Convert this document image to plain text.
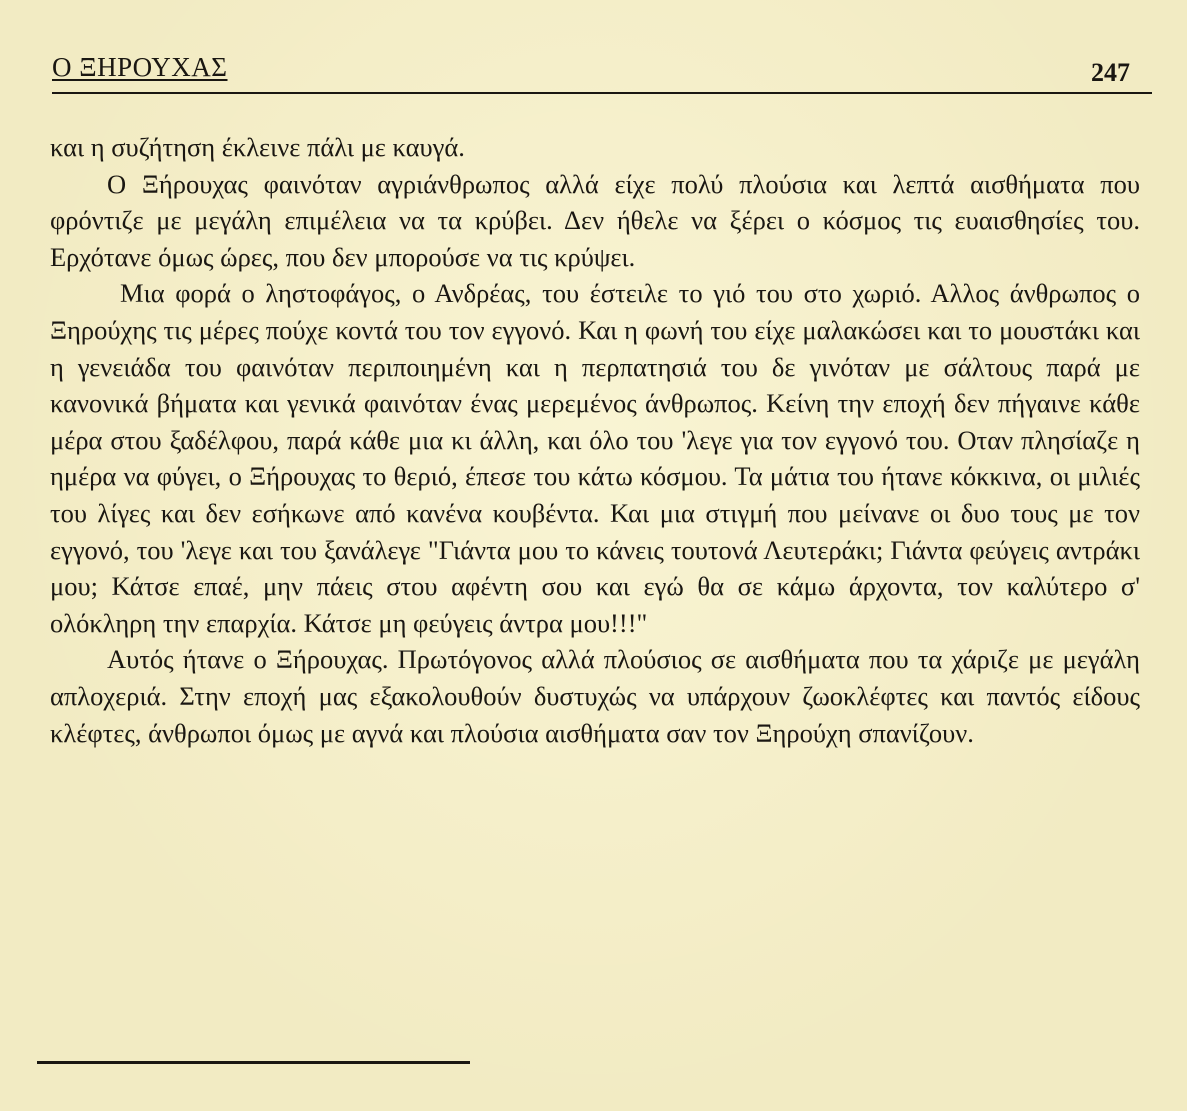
Ο ΞΗΡΟΥΧΑΣ	247

και η συζήτηση έκλεινε πάλι με καυγά.

Ο Ξήρουχας φαινόταν αγριάνθρωπος αλλά είχε πολύ πλούσια και λεπτά αισθήματα που φρόντιζε με μεγάλη επιμέλεια να τα κρύβει. Δεν ήθελε να ξέρει ο κόσμος τις ευαισθησίες του. Ερχότανε όμως ώρες, που δεν μπορούσε να τις κρύψει.

Μια φορά ο ληστοφάγος, ο Ανδρέας, του έστειλε το γιό του στο χωριό. Αλλος άνθρωπος ο Ξηρούχης τις μέρες πούχε κοντά του τον εγγονό. Και η φωνή του είχε μαλακώσει και το μουστάκι και η γενειάδα του φαινόταν περιποιημένη και η περπατησιά του δε γινόταν με σάλτους παρά με κανονικά βήματα και γενικά φαινόταν ένας μερεμένος άνθρωπος. Κείνη την εποχή δεν πήγαινε κάθε μέρα στου ξαδέλφου, παρά κάθε μια κι άλλη, και όλο του 'λεγε για τον εγγονό του. Οταν πλησίαζε η ημέρα να φύγει, ο Ξήρουχας το θεριό, έπεσε του κάτω κόσμου. Τα μάτια του ήτανε κόκκινα, οι μιλιές του λίγες και δεν εσήκωνε από κανένα κουβέντα. Και μια στιγμή που μείνανε οι δυο τους με τον εγγονό, του 'λεγε και του ξανάλεγε "Γιάντα μου το κάνεις τουτονά Λευτεράκι; Γιάντα φεύγεις αντράκι μου; Κάτσε επαέ, μην πάεις στου αφέντη σου και εγώ θα σε κάμω άρχοντα, τον καλύτερο σ' ολόκληρη την επαρχία. Κάτσε μη φεύγεις άντρα μου!!!"

Αυτός ήτανε ο Ξήρουχας. Πρωτόγονος αλλά πλούσιος σε αισθήματα που τα χάριζε με μεγάλη απλοχεριά. Στην εποχή μας εξακολουθούν δυστυχώς να υπάρχουν ζωοκλέφτες και παντός είδους κλέφτες, άνθρωποι όμως με αγνά και πλούσια αισθήματα σαν τον Ξηρούχη σπανίζουν.
